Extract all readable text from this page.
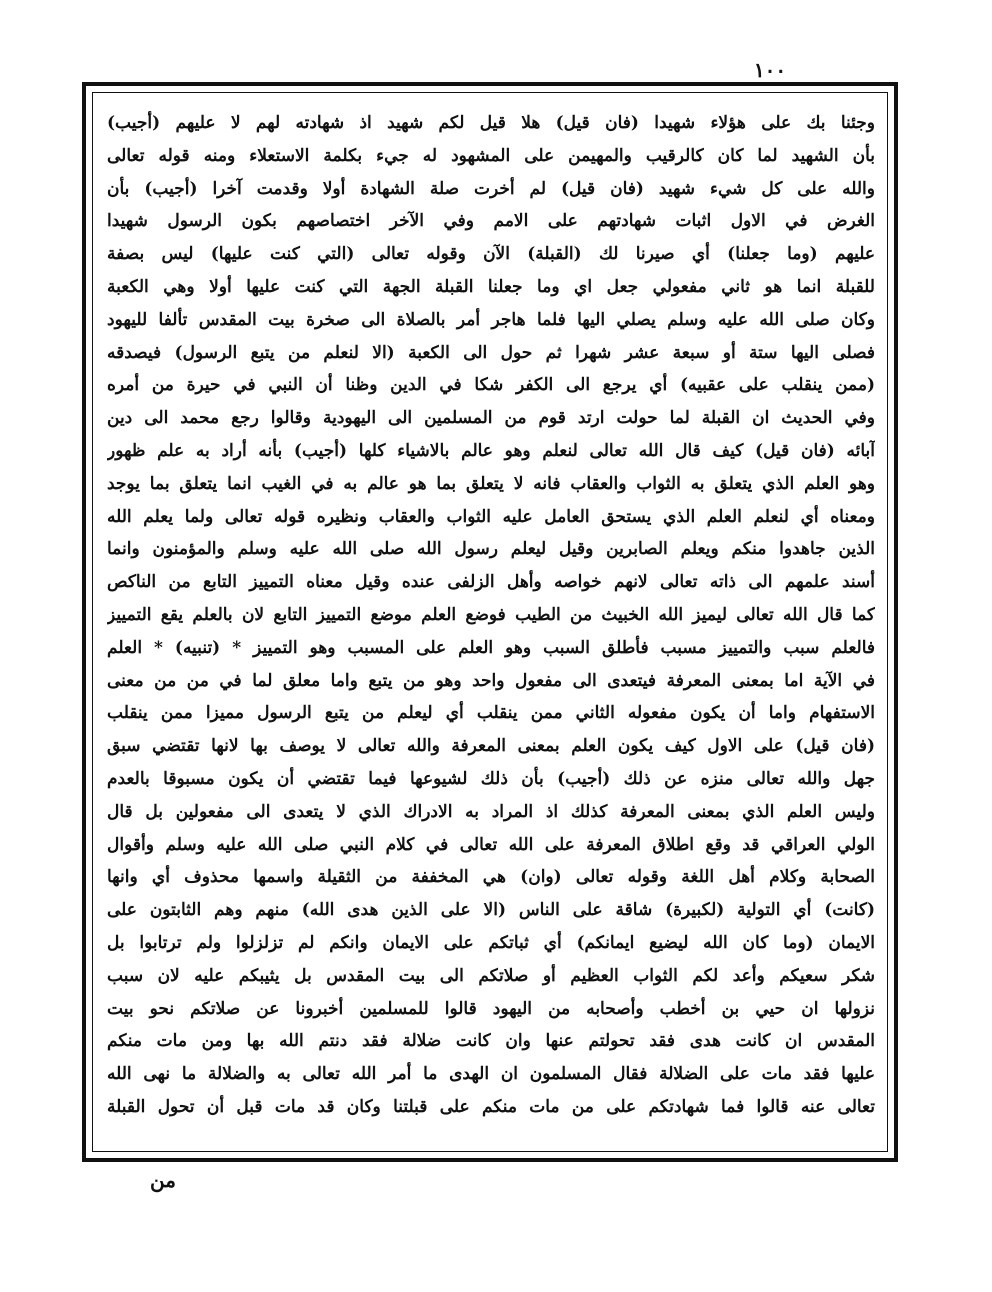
١٠٠
وجئنا بك على هؤلاء شهيدا (فان قيل) هلا قيل لكم شهيد اذ شهادته لهم لا عليهم (أجيب)
بأن الشهيد لما كان كالرقيب والمهيمن على المشهود له جيء بكلمة الاستعلاء ومنه قوله تعالى
والله على كل شيء شهيد (فان قيل) لم أخرت صلة الشهادة أولا وقدمت آخرا (أجيب) بأن
الغرض في الاول اثبات شهادتهم على الامم وفي الآخر اختصاصهم بكون الرسول شهيدا
عليهم (وما جعلنا) أي صيرنا لك (القبلة) الآن وقوله تعالى (التي كنت عليها) ليس بصفة
للقبلة انما هو ثاني مفعولي جعل اي وما جعلنا القبلة الجهة التي كنت عليها أولا وهي الكعبة
وكان صلى الله عليه وسلم يصلي اليها فلما هاجر أمر بالصلاة الى صخرة بيت المقدس تألفا لليهود
فصلى اليها ستة أو سبعة عشر شهرا ثم حول الى الكعبة (الا لنعلم من يتبع الرسول) فيصدقه
(ممن ينقلب على عقبيه) أي يرجع الى الكفر شكا في الدين وظنا أن النبي في حيرة من أمره
وفي الحديث ان القبلة لما حولت ارتد قوم من المسلمين الى اليهودية وقالوا رجع محمد الى دين
آبائه (فان قيل) كيف قال الله تعالى لنعلم وهو عالم بالاشياء كلها (أجيب) بأنه أراد به علم ظهور
وهو العلم الذي يتعلق به الثواب والعقاب فانه لا يتعلق بما هو عالم به في الغيب انما يتعلق بما يوجد
ومعناه أي لنعلم العلم الذي يستحق العامل عليه الثواب والعقاب ونظيره قوله تعالى ولما يعلم الله
الذين جاهدوا منكم ويعلم الصابرين وقيل ليعلم رسول الله صلى الله عليه وسلم والمؤمنون وانما
أسند علمهم الى ذاته تعالى لانهم خواصه وأهل الزلفى عنده وقيل معناه التمييز التابع من الناكص
كما قال الله تعالى ليميز الله الخبيث من الطيب فوضع العلم موضع التمييز التابع لان بالعلم يقع التمييز
فالعلم سبب والتمييز مسبب فأطلق السبب وهو العلم على المسبب وهو التمييز * (تنبيه) * العلم
في الآية اما بمعنى المعرفة فيتعدى الى مفعول واحد وهو من يتبع واما معلق لما في من من معنى
الاستفهام واما أن يكون مفعوله الثاني ممن ينقلب أي ليعلم من يتبع الرسول مميزا ممن ينقلب
(فان قيل) على الاول كيف يكون العلم بمعنى المعرفة والله تعالى لا يوصف بها لانها تقتضي سبق
جهل والله تعالى منزه عن ذلك (أجيب) بأن ذلك لشيوعها فيما تقتضي أن يكون مسبوقا بالعدم
وليس العلم الذي بمعنى المعرفة كذلك اذ المراد به الادراك الذي لا يتعدى الى مفعولين بل قال
الولي العراقي قد وقع اطلاق المعرفة على الله تعالى في كلام النبي صلى الله عليه وسلم وأقوال
الصحابة وكلام أهل اللغة وقوله تعالى (وان) هي المخففة من الثقيلة واسمها محذوف أي وانها
(كانت) أي التولية (لكبيرة) شاقة على الناس (الا على الذين هدى الله) منهم وهم الثابتون على
الايمان (وما كان الله ليضيع ايمانكم) أي ثباتكم على الايمان وانكم لم تزلزلوا ولم ترتابوا بل
شكر سعيكم وأعد لكم الثواب العظيم أو صلاتكم الى بيت المقدس بل يثيبكم عليه لان سبب
نزولها ان حيي بن أخطب وأصحابه من اليهود قالوا للمسلمين أخبرونا عن صلاتكم نحو بيت
المقدس ان كانت هدى فقد تحولتم عنها وان كانت ضلالة فقد دنتم الله بها ومن مات منكم
عليها فقد مات على الضلالة فقال المسلمون ان الهدى ما أمر الله تعالى به والضلالة ما نهى الله
تعالى عنه قالوا فما شهادتكم على من مات منكم على قبلتنا وكان قد مات قبل أن تحول القبلة
من
